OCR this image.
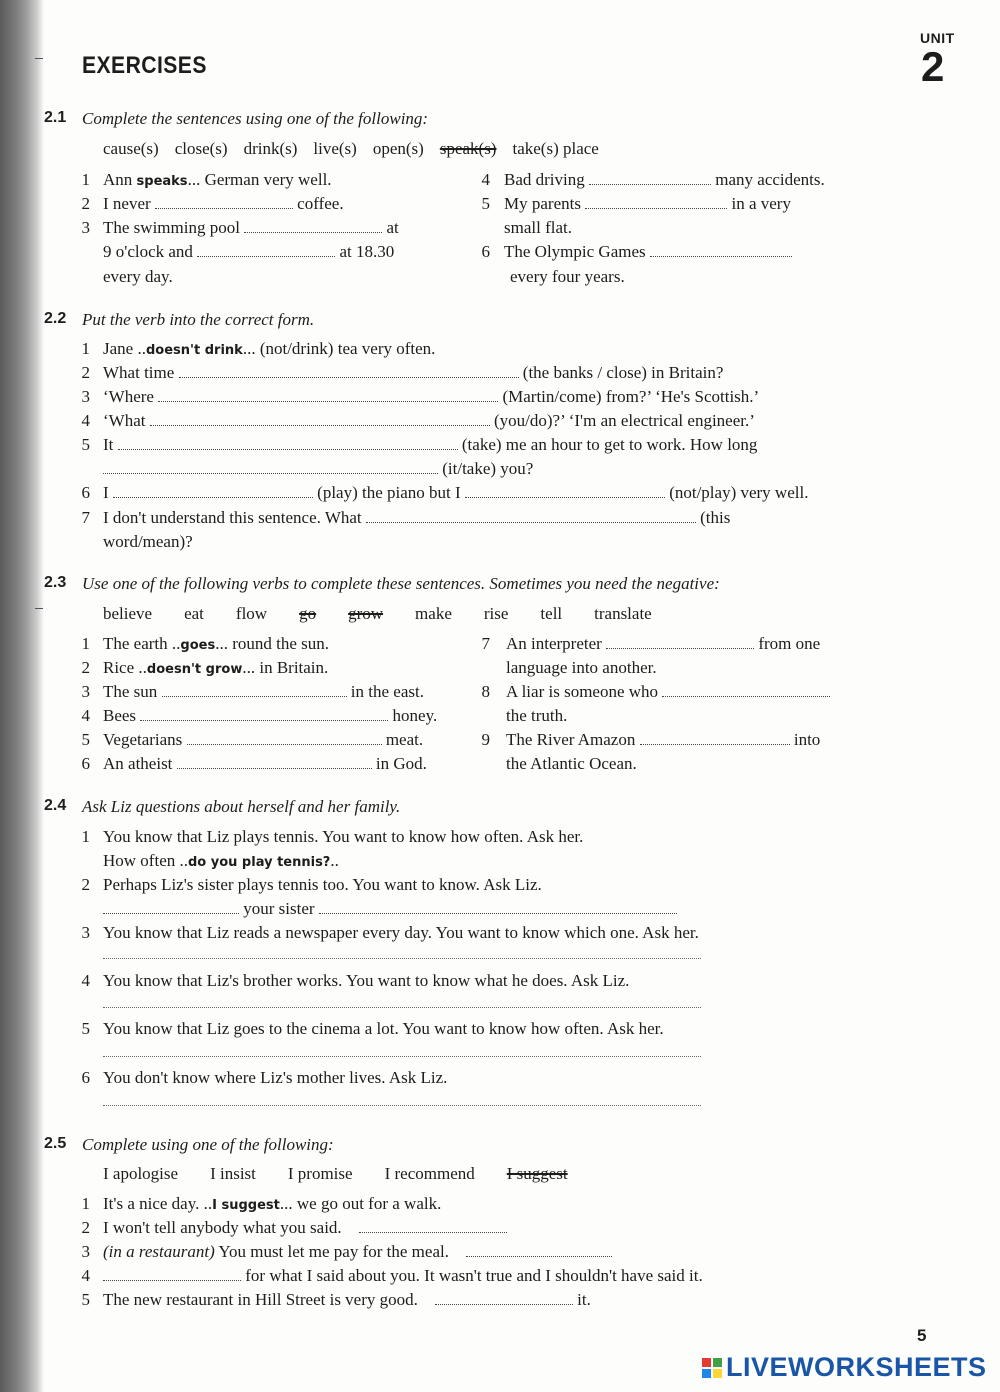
EXERCISES
UNIT
2
2.1 Complete the sentences using one of the following:
cause(s) close(s) drink(s) live(s) open(s) speak(s) take(s) place
1 Ann speaks... German very well.
2 I never	coffee.
3 The swimming pool	at
9 o'clock and	at 18.30
every day.
4 Bad driving	many accidents.
5 My parents	in a very
small flat.
6 The Olympic Games
every four years.
2.2 Put the verb into the correct form.
1 Jane ..doesn't drink... (not/drink) tea very often.
2 What time	(the banks / close) in Britain?
3 ‘Where	(Martin/come) from?’ ‘He's Scottish.’
4 ‘What	(you/do)?’ ‘I'm an electrical engineer.’
5 It	(take) me an hour to get to work. How long
(it/take) you?
6 I	(play) the piano but I	(not/play) very well.
7 I don't understand this sentence. What	(this
word/mean)?
2.3 Use one of the following verbs to complete these sentences. Sometimes you need the negative:
believe eat flow go grow make rise tell translate
1 The earth ..goes... round the sun.
2 Rice ..doesn't grow... in Britain.
3 The sun	in the east.
4 Bees	honey.
5 Vegetarians	meat.
6 An atheist	in God.
7 An interpreter	from one
language into another.
8 A liar is someone who
the truth.
9 The River Amazon	into
the Atlantic Ocean.
2.4 Ask Liz questions about herself and her family.
1 You know that Liz plays tennis. You want to know how often. Ask her.
How often ..do you play tennis?..
2 Perhaps Liz's sister plays tennis too. You want to know. Ask Liz.
your sister
3 You know that Liz reads a newspaper every day. You want to know which one. Ask her.
4 You know that Liz's brother works. You want to know what he does. Ask Liz.
5 You know that Liz goes to the cinema a lot. You want to know how often. Ask her.
6 You don't know where Liz's mother lives. Ask Liz.
2.5 Complete using one of the following:
I apologise I insist I promise I recommend I suggest
1 It's a nice day. ..I suggest... we go out for a walk.
2 I won't tell anybody what you said.
3 (in a restaurant) You must let me pay for the meal.
4	for what I said about you. It wasn't true and I shouldn't have said it.
5 The new restaurant in Hill Street is very good.	it.
5
LIVEWORKSHEETS
